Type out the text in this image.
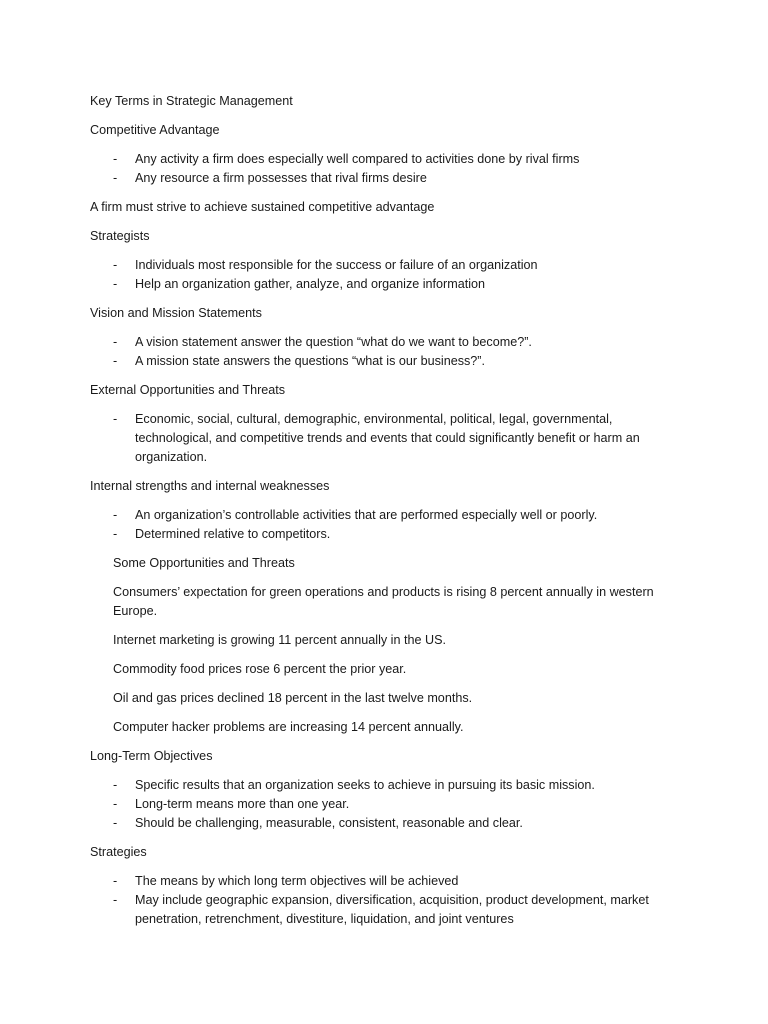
Key Terms in Strategic Management

Competitive Advantage

- Any activity a firm does especially well compared to activities done by rival firms
- Any resource a firm possesses that rival firms desire

A firm must strive to achieve sustained competitive advantage

Strategists

- Individuals most responsible for the success or failure of an organization
- Help an organization gather, analyze, and organize information

Vision and Mission Statements

- A vision statement answer the question “what do we want to become?”.
- A mission state answers the questions “what is our business?”.

External Opportunities and Threats

- Economic, social, cultural, demographic, environmental, political, legal, governmental, technological, and competitive trends and events that could significantly benefit or harm an organization.

Internal strengths and internal weaknesses

- An organization’s controllable activities that are performed especially well or poorly.
- Determined relative to competitors.

Some Opportunities and Threats

Consumers’ expectation for green operations and products is rising 8 percent annually in western Europe.

Internet marketing is growing 11 percent annually in the US.

Commodity food prices rose 6 percent the prior year.

Oil and gas prices declined 18 percent in the last twelve months.

Computer hacker problems are increasing 14 percent annually.

Long-Term Objectives

- Specific results that an organization seeks to achieve in pursuing its basic mission.
- Long-term means more than one year.
- Should be challenging, measurable, consistent, reasonable and clear.

Strategies

- The means by which long term objectives will be achieved
- May include geographic expansion, diversification, acquisition, product development, market penetration, retrenchment, divestiture, liquidation, and joint ventures
